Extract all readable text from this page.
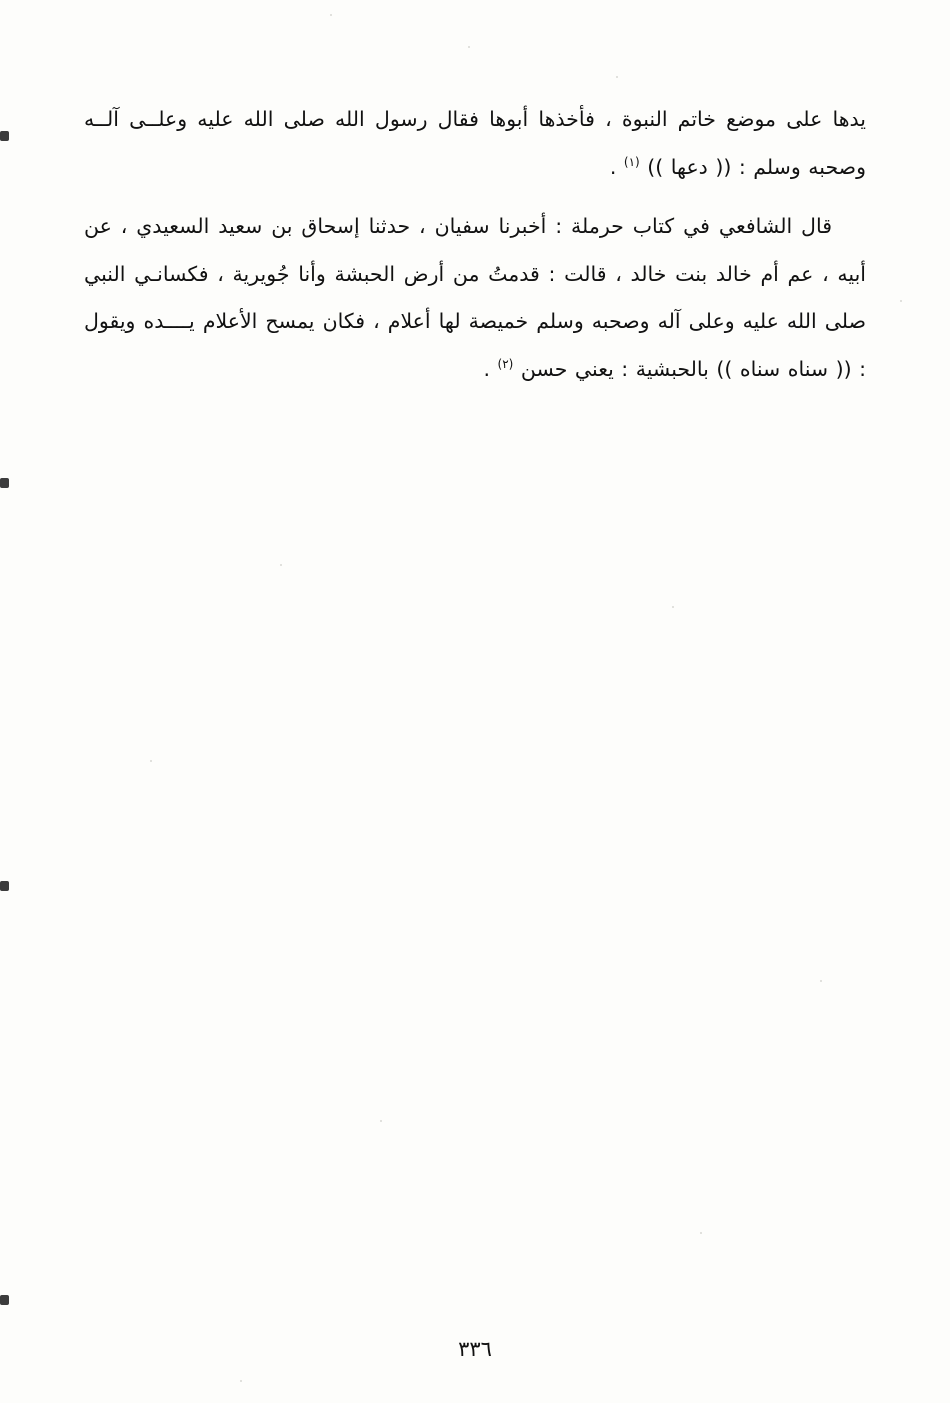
يدها على موضع خاتم النبوة ، فأخذها أبوها فقال رسول الله صلى الله عليه وعلــى آلــه وصحبه وسلم : (( دعها )) $^{(١)}$ .

قال الشافعي في كتاب حرملة : أخبرنا سفيان ، حدثنا إسحاق بن سعيد السعيدي ، عن أبيه ، عم أم خالد بنت خالد ، قالت : قدمتُ من أرض الحبشة وأنا جُويرية ، فكسانـي النبي صلى الله عليه وعلى آله وصحبه وسلم خميصة لها أعلام ، فكان يمسح الأعلام يــــده ويقول : (( سناه سناه )) بالحبشية : يعني حسن $^{(٢)}$ .

٣٣٦
